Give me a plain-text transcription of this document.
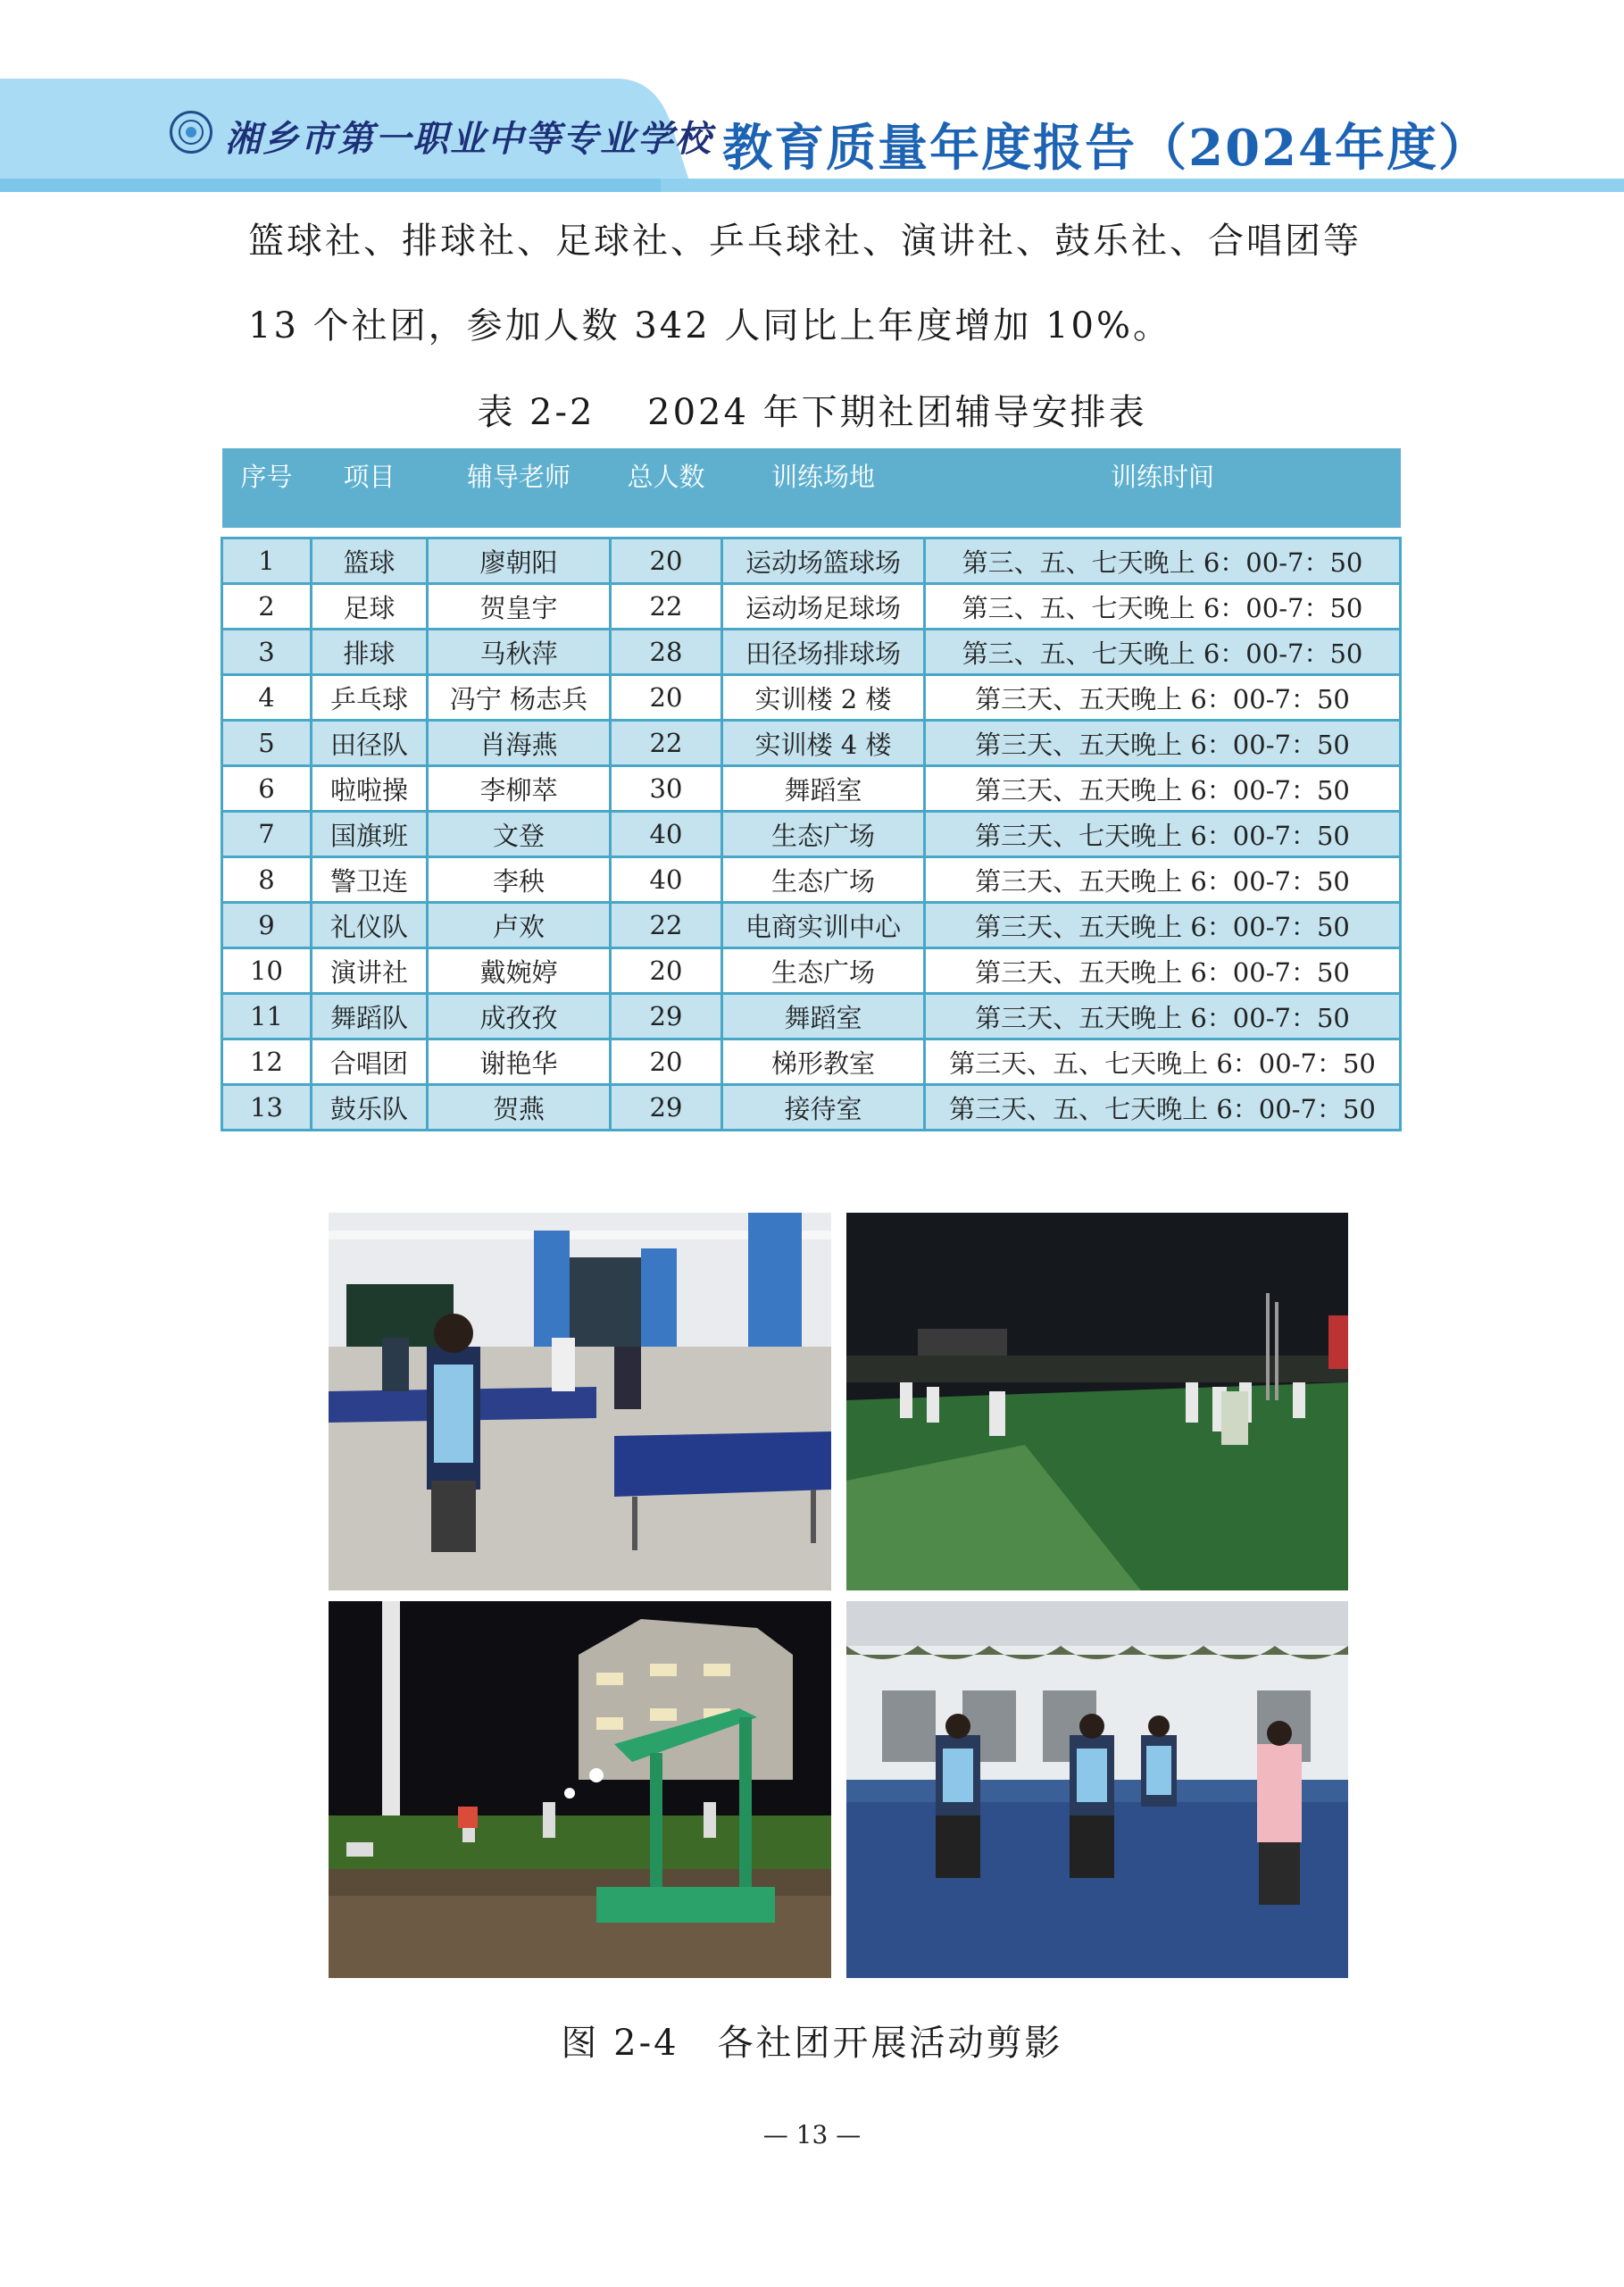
湘乡市第一职业中等专业学校 教育质量年度报告（2024年度）
篮球社、排球社、足球社、乒乓球社、演讲社、鼓乐社、合唱团等
13 个社团，参加人数 342 人同比上年度增加 10%。
表 2-2　 2024 年下期社团辅导安排表
序号	项目	辅导老师	总人数	训练场地	训练时间

1	篮球	廖朝阳	20	运动场篮球场	第三、五、七天晚上 6：00-7：50
2	足球	贺皇宇	22	运动场足球场	第三、五、七天晚上 6：00-7：50
3	排球	马秋萍	28	田径场排球场	第三、五、七天晚上 6：00-7：50
4	乒乓球	冯宁 杨志兵	20	实训楼 2 楼	第三天、五天晚上 6：00-7：50
5	田径队	肖海燕	22	实训楼 4 楼	第三天、五天晚上 6：00-7：50
6	啦啦操	李柳萃	30	舞蹈室	第三天、五天晚上 6：00-7：50
7	国旗班	文登	40	生态广场	第三天、七天晚上 6：00-7：50
8	警卫连	李秧	40	生态广场	第三天、五天晚上 6：00-7：50
9	礼仪队	卢欢	22	电商实训中心	第三天、五天晚上 6：00-7：50
10	演讲社	戴婉婷	20	生态广场	第三天、五天晚上 6：00-7：50
11	舞蹈队	成孜孜	29	舞蹈室	第三天、五天晚上 6：00-7：50
12	合唱团	谢艳华	20	梯形教室	第三天、五、七天晚上 6：00-7：50
13	鼓乐队	贺燕	29	接待室	第三天、五、七天晚上 6：00-7：50
图 2-4　各社团开展活动剪影
— 13 —
